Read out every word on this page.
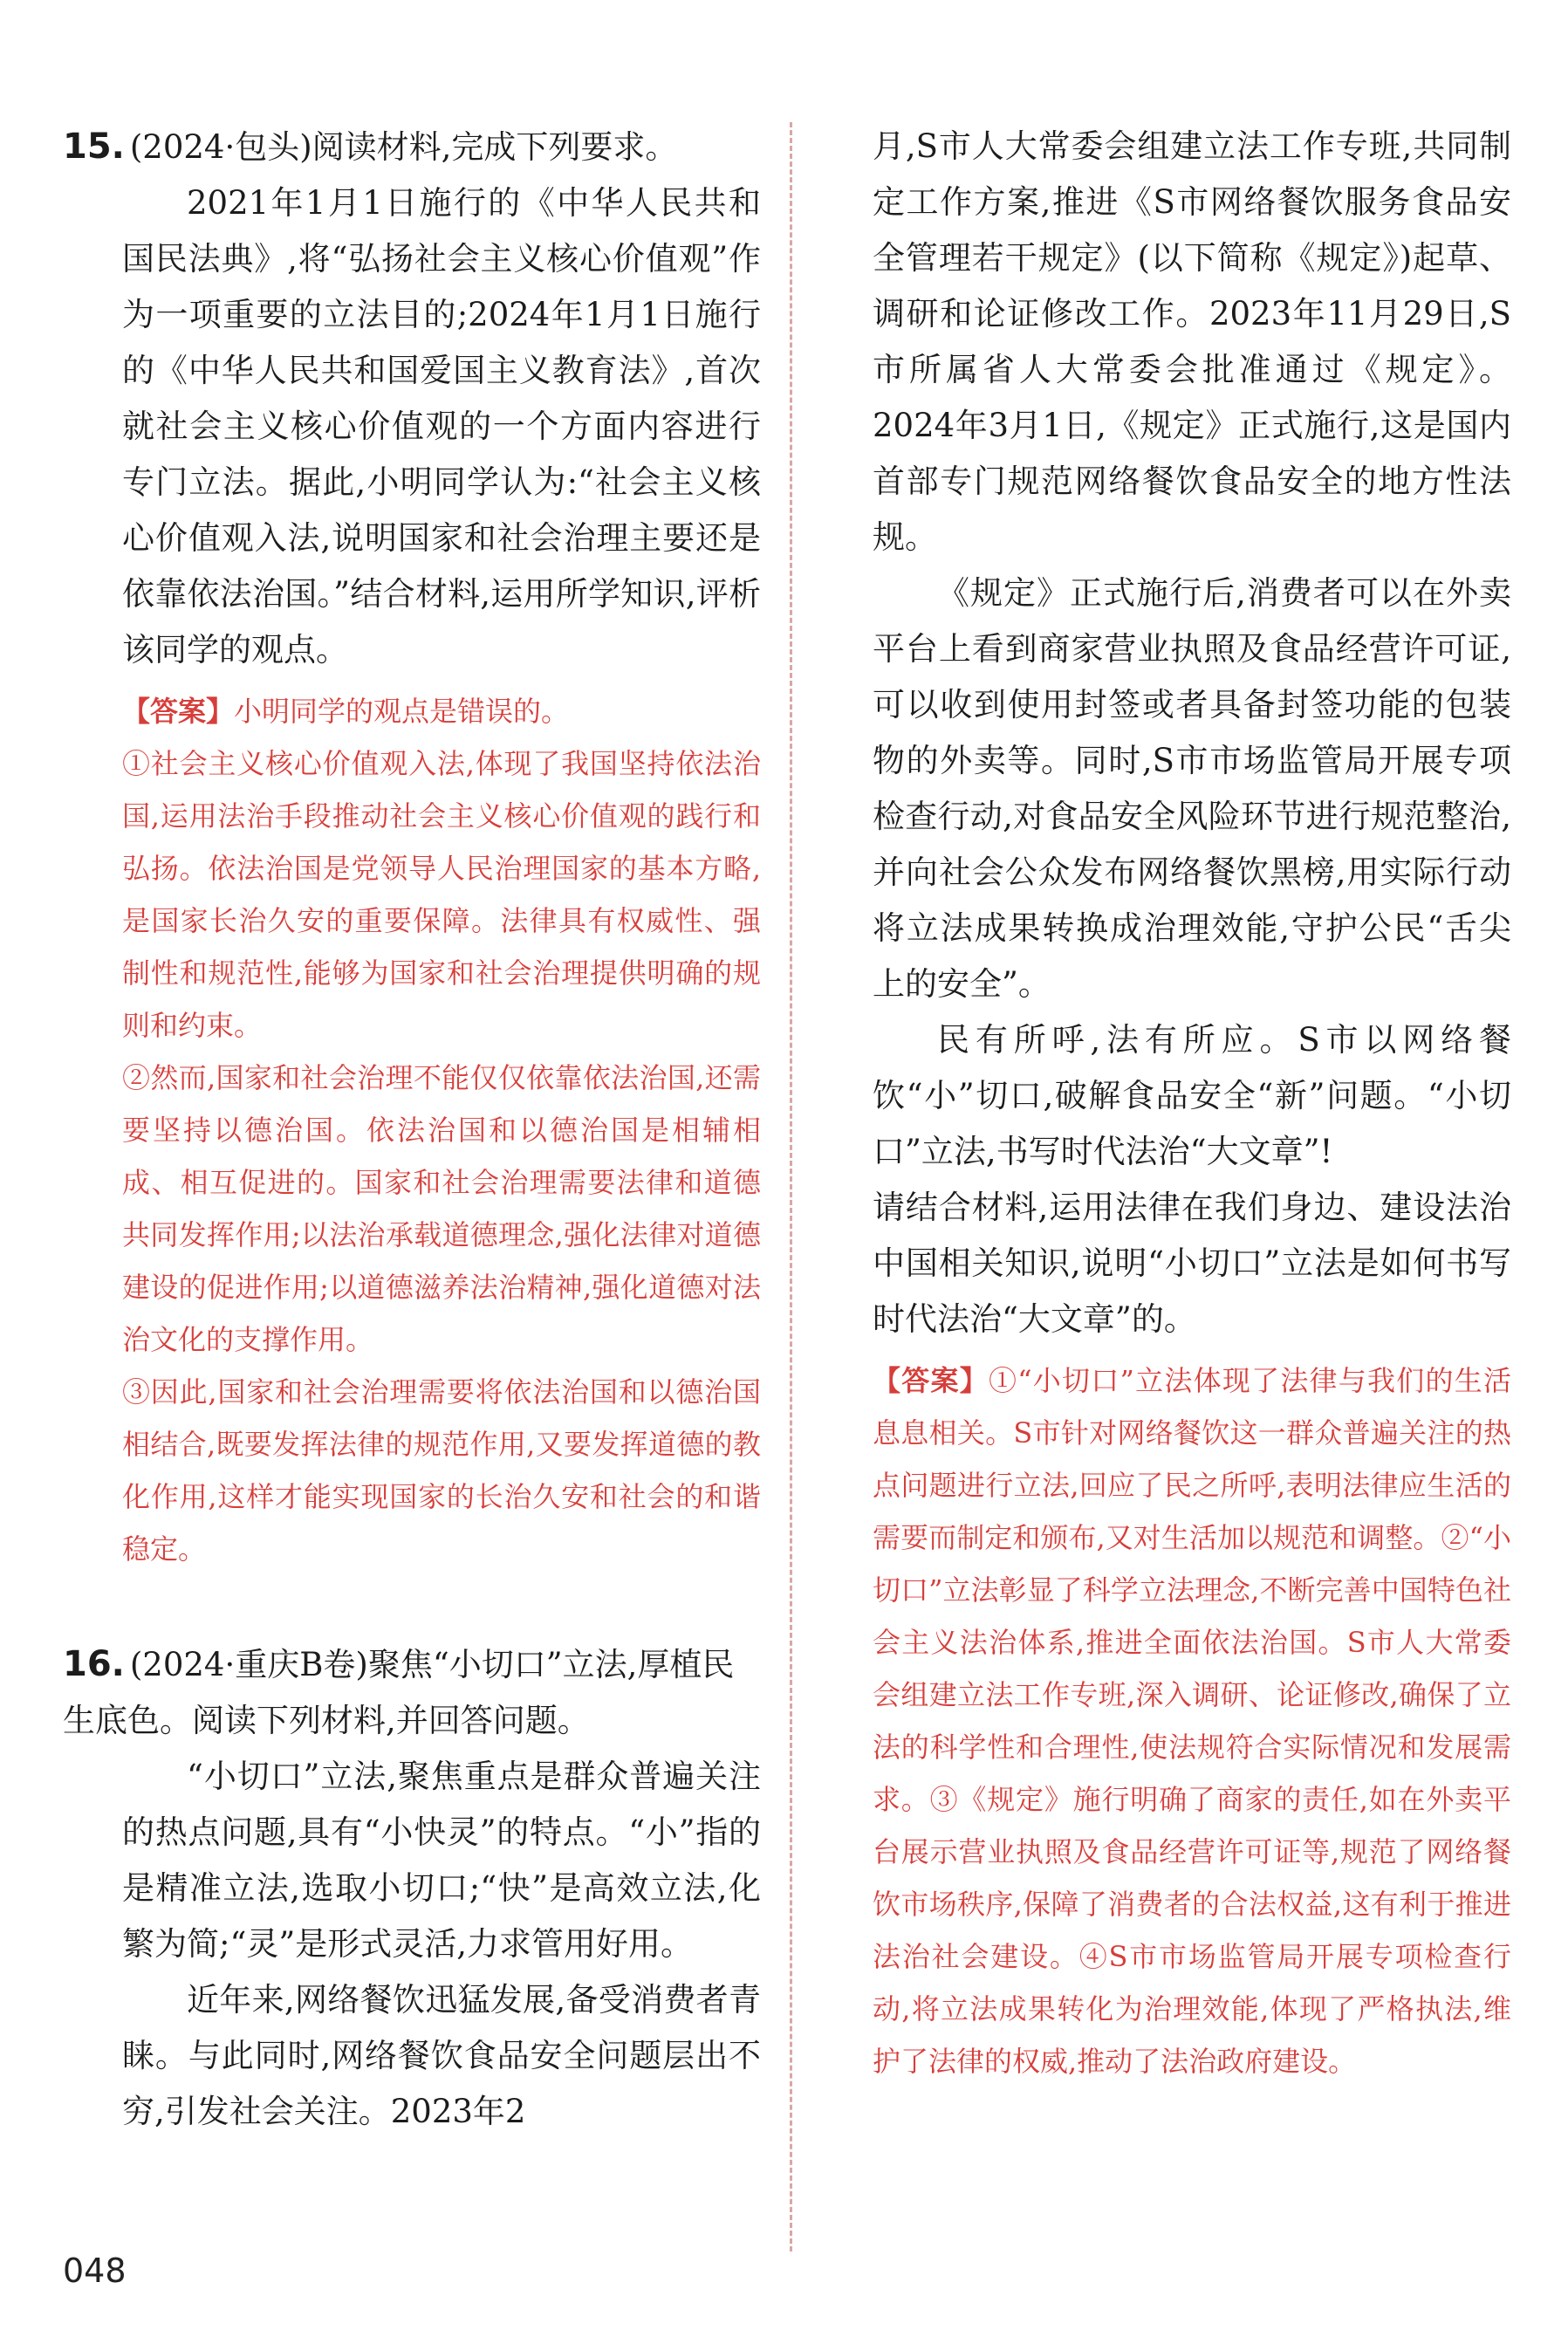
15. (2024·包头)阅读材料,完成下列要求。

2021年1月1日施行的《中华人民共和国民法典》,将“弘扬社会主义核心价值观”作为一项重要的立法目的;2024年1月1日施行的《中华人民共和国爱国主义教育法》,首次就社会主义核心价值观的一个方面内容进行专门立法。据此,小明同学认为:“社会主义核心价值观入法,说明国家和社会治理主要还是依靠依法治国。”结合材料,运用所学知识,评析该同学的观点。

【答案】小明同学的观点是错误的。

①社会主义核心价值观入法,体现了我国坚持依法治国,运用法治手段推动社会主义核心价值观的践行和弘扬。依法治国是党领导人民治理国家的基本方略,是国家长治久安的重要保障。法律具有权威性、强制性和规范性,能够为国家和社会治理提供明确的规则和约束。

②然而,国家和社会治理不能仅仅依靠依法治国,还需要坚持以德治国。依法治国和以德治国是相辅相成、相互促进的。国家和社会治理需要法律和道德共同发挥作用;以法治承载道德理念,强化法律对道德建设的促进作用;以道德滋养法治精神,强化道德对法治文化的支撑作用。

③因此,国家和社会治理需要将依法治国和以德治国相结合,既要发挥法律的规范作用,又要发挥道德的教化作用,这样才能实现国家的长治久安和社会的和谐稳定。

16. (2024·重庆B卷)聚焦“小切口”立法,厚植民生底色。阅读下列材料,并回答问题。

“小切口”立法,聚焦重点是群众普遍关注的热点问题,具有“小快灵”的特点。“小”指的是精准立法,选取小切口;“快”是高效立法,化繁为简;“灵”是形式灵活,力求管用好用。

近年来,网络餐饮迅猛发展,备受消费者青睐。与此同时,网络餐饮食品安全问题层出不穷,引发社会关注。2023年2

月,S市人大常委会组建立法工作专班,共同制定工作方案,推进《S市网络餐饮服务食品安全管理若干规定》(以下简称《规定》)起草、调研和论证修改工作。2023年11月29日,S市所属省人大常委会批准通过《规定》。2024年3月1日,《规定》正式施行,这是国内首部专门规范网络餐饮食品安全的地方性法规。

《规定》正式施行后,消费者可以在外卖平台上看到商家营业执照及食品经营许可证,可以收到使用封签或者具备封签功能的包装物的外卖等。同时,S市市场监管局开展专项检查行动,对食品安全风险环节进行规范整治,并向社会公众发布网络餐饮黑榜,用实际行动将立法成果转换成治理效能,守护公民“舌尖上的安全”。

民有所呼,法有所应。S市以网络餐饮“小”切口,破解食品安全“新”问题。“小切口”立法,书写时代法治“大文章”!

请结合材料,运用法律在我们身边、建设法治中国相关知识,说明“小切口”立法是如何书写时代法治“大文章”的。

【答案】①“小切口”立法体现了法律与我们的生活息息相关。S市针对网络餐饮这一群众普遍关注的热点问题进行立法,回应了民之所呼,表明法律应生活的需要而制定和颁布,又对生活加以规范和调整。②“小切口”立法彰显了科学立法理念,不断完善中国特色社会主义法治体系,推进全面依法治国。S市人大常委会组建立法工作专班,深入调研、论证修改,确保了立法的科学性和合理性,使法规符合实际情况和发展需求。③《规定》施行明确了商家的责任,如在外卖平台展示营业执照及食品经营许可证等,规范了网络餐饮市场秩序,保障了消费者的合法权益,这有利于推进法治社会建设。④S市市场监管局开展专项检查行动,将立法成果转化为治理效能,体现了严格执法,维护了法律的权威,推动了法治政府建设。

048
